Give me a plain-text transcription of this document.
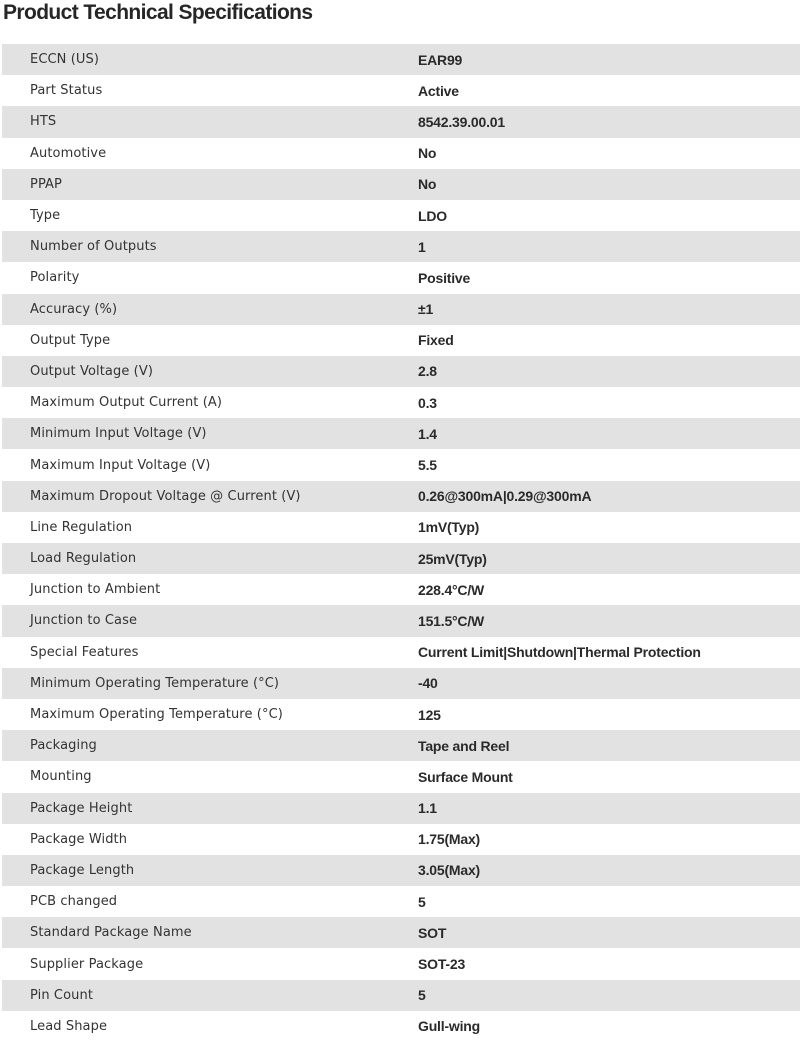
Product Technical Specifications
ECCN (US)	EAR99
Part Status	Active
HTS	8542.39.00.01
Automotive	No
PPAP	No
Type	LDO
Number of Outputs	1
Polarity	Positive
Accuracy (%)	±1
Output Type	Fixed
Output Voltage (V)	2.8
Maximum Output Current (A)	0.3
Minimum Input Voltage (V)	1.4
Maximum Input Voltage (V)	5.5
Maximum Dropout Voltage @ Current (V)	0.26@300mA|0.29@300mA
Line Regulation	1mV(Typ)
Load Regulation	25mV(Typ)
Junction to Ambient	228.4°C/W
Junction to Case	151.5°C/W
Special Features	Current Limit|Shutdown|Thermal Protection
Minimum Operating Temperature (°C)	-40
Maximum Operating Temperature (°C)	125
Packaging	Tape and Reel
Mounting	Surface Mount
Package Height	1.1
Package Width	1.75(Max)
Package Length	3.05(Max)
PCB changed	5
Standard Package Name	SOT
Supplier Package	SOT-23
Pin Count	5
Lead Shape	Gull-wing
